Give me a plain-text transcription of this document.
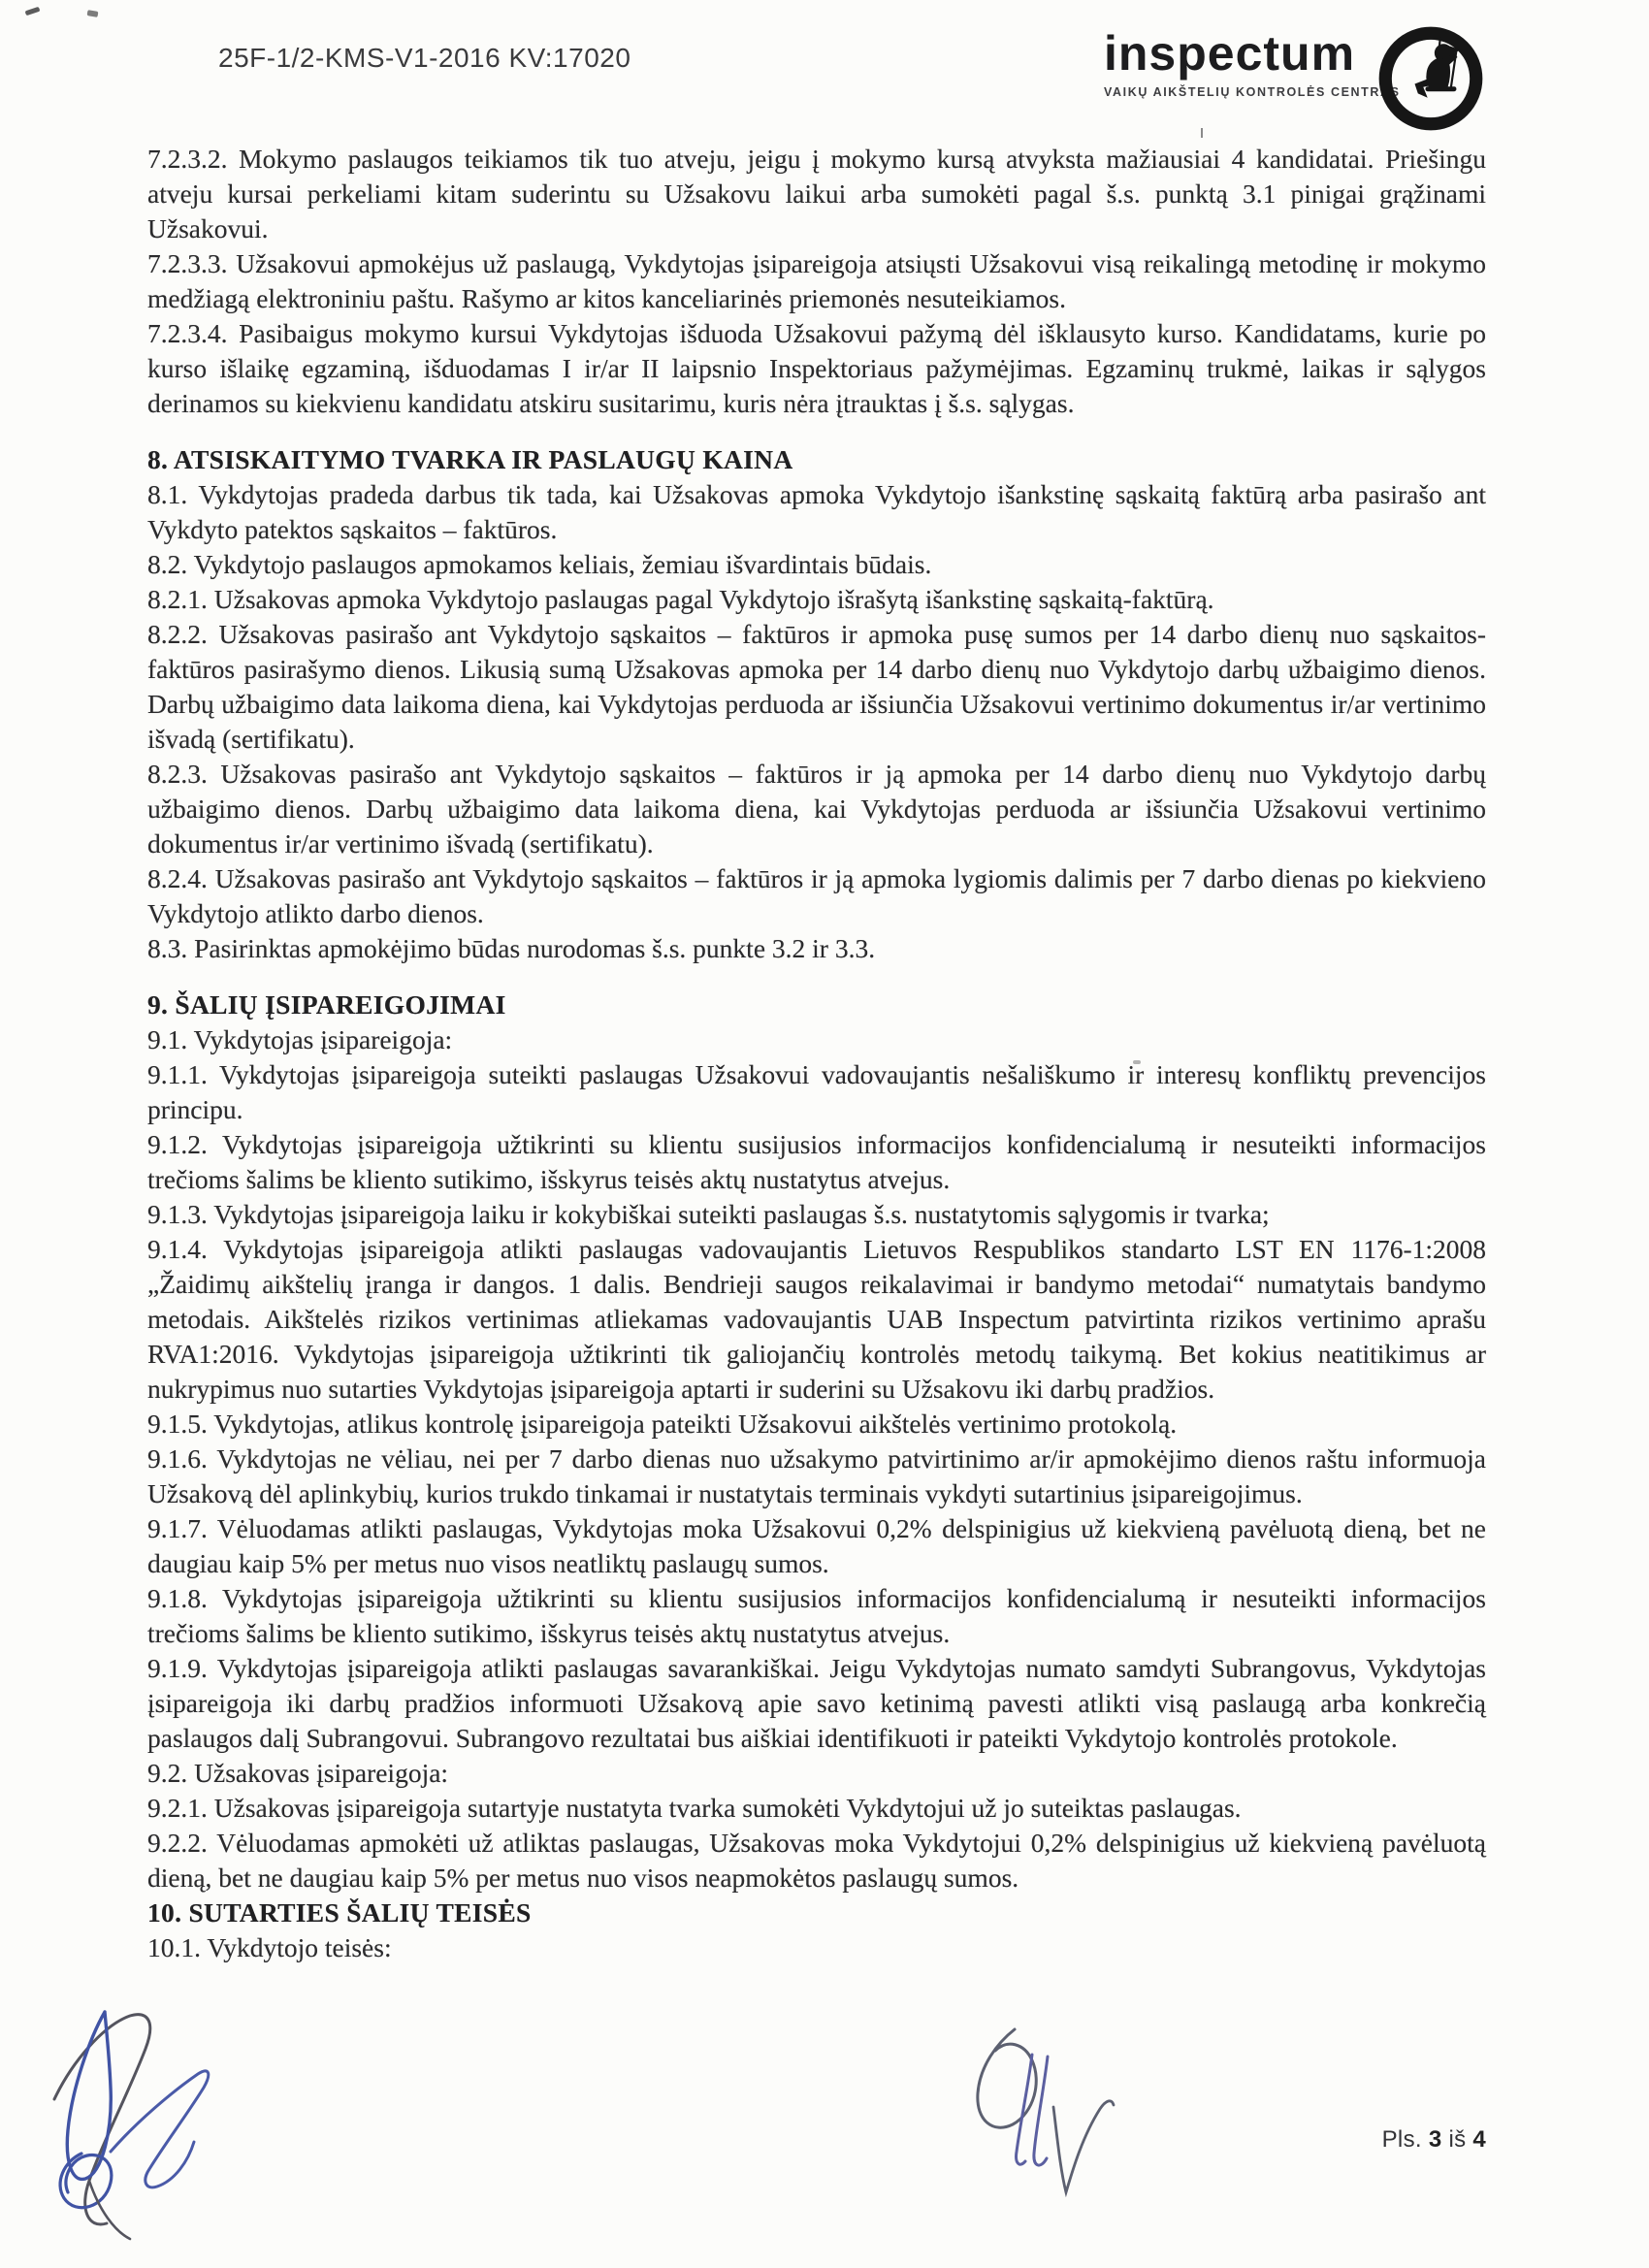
25F-1/2-KMS-V1-2016 KV:17020	inspectum
VAIKŲ AIKŠTELIŲ KONTROLĖS CENTRAS
7.2.3.2. Mokymo paslaugos teikiamos tik tuo atveju, jeigu į mokymo kursą atvyksta mažiausiai 4 kandidatai. Priešingu atveju kursai perkeliami kitam suderintu su Užsakovu laikui arba sumokėti pagal š.s. punktą 3.1 pinigai grąžinami Užsakovui.
7.2.3.3. Užsakovui apmokėjus už paslaugą, Vykdytojas įsipareigoja atsiųsti Užsakovui visą reikalingą metodinę ir mokymo medžiagą elektroniniu paštu. Rašymo ar kitos kanceliarinės priemonės nesuteikiamos.
7.2.3.4. Pasibaigus mokymo kursui Vykdytojas išduoda Užsakovui pažymą dėl išklausyto kurso. Kandidatams, kurie po kurso išlaikę egzaminą, išduodamas I ir/ar II laipsnio Inspektoriaus pažymėjimas. Egzaminų trukmė, laikas ir sąlygos derinamos su kiekvienu kandidatu atskiru susitarimu, kuris nėra įtrauktas į š.s. sąlygas.
8. ATSISKAITYMO TVARKA IR PASLAUGŲ KAINA
8.1. Vykdytojas pradeda darbus tik tada, kai Užsakovas apmoka Vykdytojo išankstinę sąskaitą faktūrą arba pasirašo ant Vykdyto patektos sąskaitos – faktūros.
8.2. Vykdytojo paslaugos apmokamos keliais, žemiau išvardintais būdais.
8.2.1. Užsakovas apmoka Vykdytojo paslaugas pagal Vykdytojo išrašytą išankstinę sąskaitą-faktūrą.
8.2.2. Užsakovas pasirašo ant Vykdytojo sąskaitos – faktūros ir apmoka pusę sumos per 14 darbo dienų nuo sąskaitos-faktūros pasirašymo dienos. Likusią sumą Užsakovas apmoka per 14 darbo dienų nuo Vykdytojo darbų užbaigimo dienos. Darbų užbaigimo data laikoma diena, kai Vykdytojas perduoda ar išsiunčia Užsakovui vertinimo dokumentus ir/ar vertinimo išvadą (sertifikatu).
8.2.3. Užsakovas pasirašo ant Vykdytojo sąskaitos – faktūros ir ją apmoka per 14 darbo dienų nuo Vykdytojo darbų užbaigimo dienos. Darbų užbaigimo data laikoma diena, kai Vykdytojas perduoda ar išsiunčia Užsakovui vertinimo dokumentus ir/ar vertinimo išvadą (sertifikatu).
8.2.4. Užsakovas pasirašo ant Vykdytojo sąskaitos – faktūros ir ją apmoka lygiomis dalimis per 7 darbo dienas po kiekvieno Vykdytojo atlikto darbo dienos.
8.3. Pasirinktas apmokėjimo būdas nurodomas š.s. punkte 3.2 ir 3.3.
9. ŠALIŲ ĮSIPAREIGOJIMAI
9.1. Vykdytojas įsipareigoja:
9.1.1. Vykdytojas įsipareigoja suteikti paslaugas Užsakovui vadovaujantis nešališkumo ir interesų konfliktų prevencijos principu.
9.1.2. Vykdytojas įsipareigoja užtikrinti su klientu susijusios informacijos konfidencialumą ir nesuteikti informacijos trečioms šalims be kliento sutikimo, išskyrus teisės aktų nustatytus atvejus.
9.1.3. Vykdytojas įsipareigoja laiku ir kokybiškai suteikti paslaugas š.s. nustatytomis sąlygomis ir tvarka;
9.1.4. Vykdytojas įsipareigoja atlikti paslaugas vadovaujantis Lietuvos Respublikos standarto LST EN 1176-1:2008 „Žaidimų aikštelių įranga ir dangos. 1 dalis. Bendrieji saugos reikalavimai ir bandymo metodai“ numatytais bandymo metodais. Aikštelės rizikos vertinimas atliekamas vadovaujantis UAB Inspectum patvirtinta rizikos vertinimo aprašu RVA1:2016. Vykdytojas įsipareigoja užtikrinti tik galiojančių kontrolės metodų taikymą. Bet kokius neatitikimus ar nukrypimus nuo sutarties Vykdytojas įsipareigoja aptarti ir suderini su Užsakovu iki darbų pradžios.
9.1.5. Vykdytojas, atlikus kontrolę įsipareigoja pateikti Užsakovui aikštelės vertinimo protokolą.
9.1.6. Vykdytojas ne vėliau, nei per 7 darbo dienas nuo užsakymo patvirtinimo ar/ir apmokėjimo dienos raštu informuoja Užsakovą dėl aplinkybių, kurios trukdo tinkamai ir nustatytais terminais vykdyti sutartinius įsipareigojimus.
9.1.7. Vėluodamas atlikti paslaugas, Vykdytojas moka Užsakovui 0,2% delspinigius už kiekvieną pavėluotą dieną, bet ne daugiau kaip 5% per metus nuo visos neatliktų paslaugų sumos.
9.1.8. Vykdytojas įsipareigoja užtikrinti su klientu susijusios informacijos konfidencialumą ir nesuteikti informacijos trečioms šalims be kliento sutikimo, išskyrus teisės aktų nustatytus atvejus.
9.1.9. Vykdytojas įsipareigoja atlikti paslaugas savarankiškai. Jeigu Vykdytojas numato samdyti Subrangovus, Vykdytojas įsipareigoja iki darbų pradžios informuoti Užsakovą apie savo ketinimą pavesti atlikti visą paslaugą arba konkrečią paslaugos dalį Subrangovui. Subrangovo rezultatai bus aiškiai identifikuoti ir pateikti Vykdytojo kontrolės protokole.
9.2. Užsakovas įsipareigoja:
9.2.1. Užsakovas įsipareigoja sutartyje nustatyta tvarka sumokėti Vykdytojui už jo suteiktas paslaugas.
9.2.2. Vėluodamas apmokėti už atliktas paslaugas, Užsakovas moka Vykdytojui 0,2% delspinigius už kiekvieną pavėluotą dieną, bet ne daugiau kaip 5% per metus nuo visos neapmokėtos paslaugų sumos.
10. SUTARTIES ŠALIŲ TEISĖS
10.1. Vykdytojo teisės:
Pls. 3 iš 4
